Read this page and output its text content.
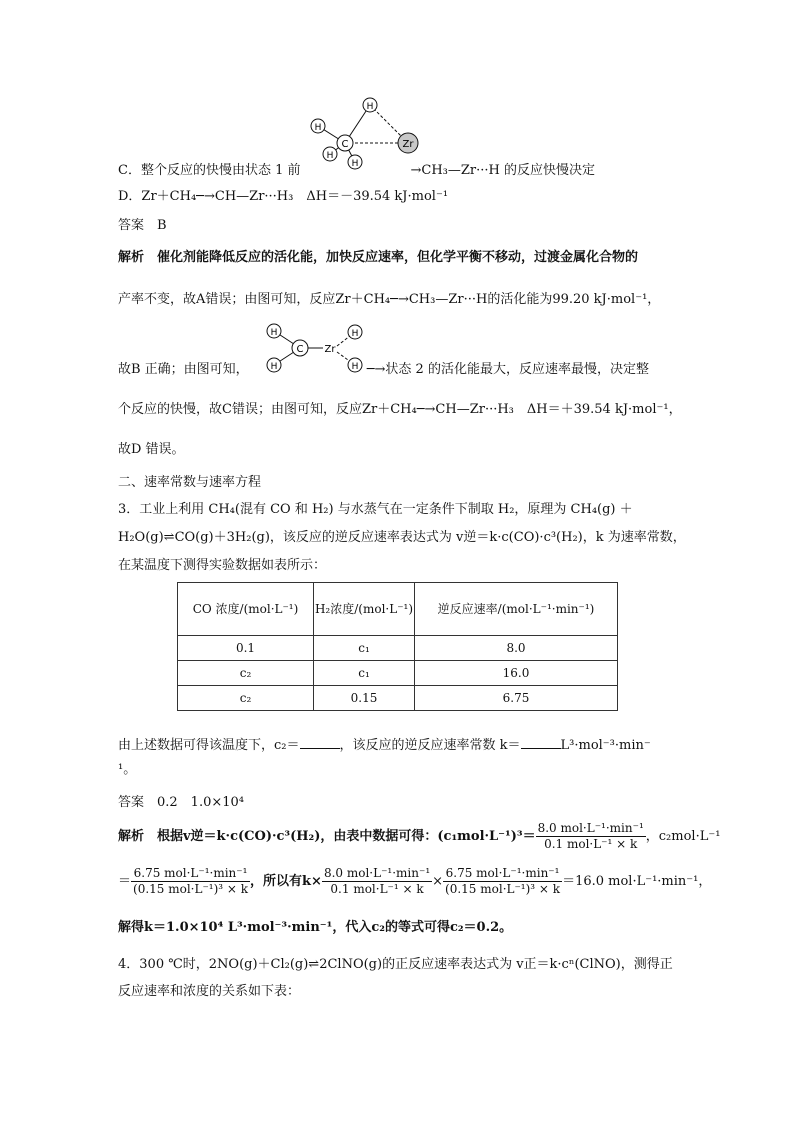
C
H
Zr
H
H
H
C．整个反应的快慢由状态 1 前	→CH₃—Zr···H 的反应快慢决定
D．Zr＋CH₄─→CH—Zr···H₃　ΔH＝－39.54 kJ·mol⁻¹
答案　B
解析　催化剂能降低反应的活化能，加快反应速率，但化学平衡不移动，过渡金属化合物的
产率不变，故A错误；由图可知，反应Zr＋CH₄─→CH₃—Zr···H的活化能为99.20 kJ·mol⁻¹，
C Zr
H
H
H
H
故B 正确；由图可知，	─→状态 2 的活化能最大，反应速率最慢，决定整
个反应的快慢，故C错误；由图可知，反应Zr＋CH₄─→CH—Zr···H₃　ΔH＝＋39.54 kJ·mol⁻¹，
故D 错误。
二、速率常数与速率方程
3．工业上利用 CH₄(混有 CO 和 H₂) 与水蒸气在一定条件下制取 H₂，原理为 CH₄(g) ＋
H₂O(g)⇌CO(g)＋3H₂(g)，该反应的逆反应速率表达式为 v逆＝k·c(CO)·c³(H₂)，k 为速率常数，
在某温度下测得实验数据如表所示：
CO 浓度/(mol·L⁻¹)	H₂浓度/(mol·L⁻¹)	逆反应速率/(mol·L⁻¹·min⁻¹)
0.1	c₁	8.0
c₂	c₁	16.0
c₂	0.15	6.75
由上述数据可得该温度下，c₂＝	，该反应的逆反应速率常数 k＝	L³·mol⁻³·min⁻
¹。
答案　0.2　1.0×10⁴
解析　根据v逆＝k·c(CO)·c³(H₂)，由表中数据可得：$(c_1mol\cdot L^{-1})^3= \frac{\text{8.0 mol·L⁻¹·min⁻¹}}{\text{0.1 mol·L⁻¹ × k}}$ ，c₂mol·L⁻¹
＝ $\frac{\text{6.75 mol·L⁻¹·min⁻¹}}{\text{(0.15 mol·L⁻¹)³ × k}}$ ，所以有$k\times \frac{\text{8.0 mol·L⁻¹·min⁻¹}}{\text{0.1 mol·L⁻¹ × k}} \times \frac{\text{6.75 mol·L⁻¹·min⁻¹}}{\text{(0.15 mol·L⁻¹)³ × k}} =16.0$ mol·L⁻¹·min⁻¹，
解得k＝1.0×10⁴ L³·mol⁻³·min⁻¹，代入c₂的等式可得c₂＝0.2。
4．300 ℃时，2NO(g)＋Cl₂(g)⇌2ClNO(g)的正反应速率表达式为 v正＝k·cⁿ(ClNO)，测得正
反应速率和浓度的关系如下表：
